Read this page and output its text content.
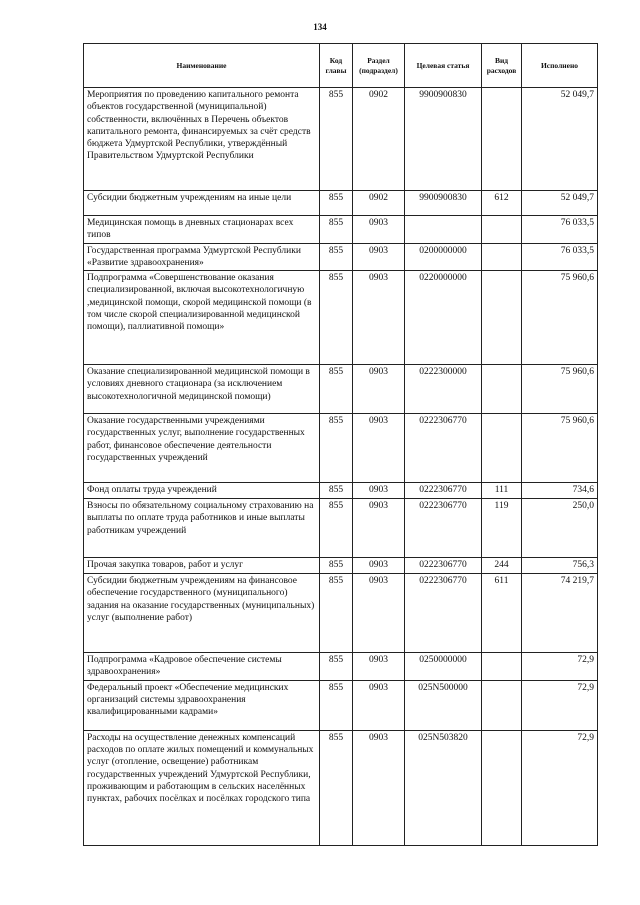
134
Наименование	Код главы	Раздел (подраздел)	Целевая статья	Вид расходов	Исполнено
Мероприятия по проведению капитального ремонта объектов государственной (муниципальной) собственности, включённых в Перечень объектов капитального ремонта, финансируемых за счёт средств бюджета Удмуртской Республики, утверждённый Правительством Удмуртской Республики	855	0902	9900900830		52 049,7
Субсидии бюджетным учреждениям на иные цели	855	0902	9900900830	612	52 049,7
Медицинская помощь в дневных стационарах всех типов	855	0903			76 033,5
Государственная программа Удмуртской Республики «Развитие здравоохранения»	855	0903	0200000000		76 033,5
Подпрограмма «Совершенствование оказания специализированной, включая высокотехнологичную ,медицинской помощи, скорой медицинской помощи (в том числе скорой специализированной медицинской помощи), паллиативной помощи»	855	0903	0220000000		75 960,6
Оказание специализированной медицинской помощи в условиях дневного стационара (за исключением высокотехнологичной медицинской помощи)	855	0903	0222300000		75 960,6
Оказание государственными учреждениями государственных услуг, выполнение государственных работ, финансовое обеспечение деятельности государственных учреждений	855	0903	0222306770		75 960,6
Фонд оплаты труда учреждений	855	0903	0222306770	111	734,6
Взносы по обязательному социальному страхованию на выплаты по оплате труда работников и иные выплаты работникам учреждений	855	0903	0222306770	119	250,0
Прочая закупка товаров, работ и услуг	855	0903	0222306770	244	756,3
Субсидии бюджетным учреждениям на финансовое обеспечение государственного (муниципального) задания на оказание государственных (муниципальных) услуг (выполнение работ)	855	0903	0222306770	611	74 219,7
Подпрограмма «Кадровое обеспечение системы здравоохранения»	855	0903	0250000000		72,9
Федеральный проект «Обеспечение медицинских организаций системы здравоохранения квалифицированными кадрами»	855	0903	025N500000		72,9
Расходы на осуществление денежных компенсаций расходов по оплате жилых помещений и коммунальных услуг (отопление, освещение) работникам государственных учреждений Удмуртской Республики, проживающим и работающим в сельских населённых пунктах, рабочих посёлках и посёлках городского типа	855	0903	025N503820		72,9
